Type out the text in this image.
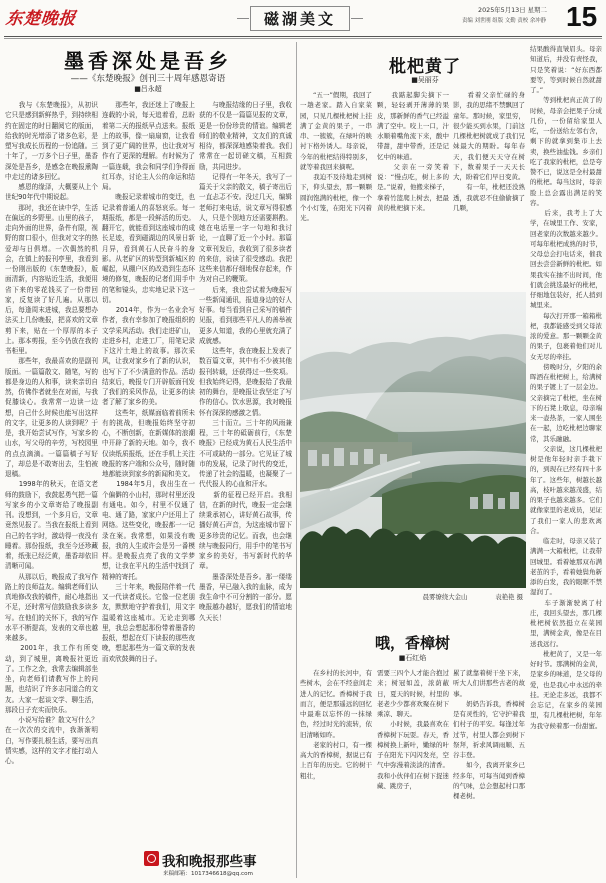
东楚晚报	磁湖美文	2025年5月13日 星期二
责编 刘世刚 组版 文勤 责校 余冲静 15
墨香深处是吾乡
——《东楚晚报》创刊三十周年感恩寄语
■吕永超
　　我与《东楚晚报》，从初识它只是感到新鲜热乎，到持续相约在固定的时日翻阅它的版面，给我的时光增添了诸多色彩，是塑写我成长历程的一份追随。三十年了，一万多个日子里，墨香深处是吾乡，是感念在晚报熏陶中走过的诸多回忆。
　　感恩的缘泽，大概要从上个世纪90年代中期说起。
　　那时，我还在读中学，生活在偏远的乡野里。山里的孩子，走向外面的世界，条件有限，视野的窗口很小，但我对文字的热爱却与日俱增。一次偶然的机会，在镇上的报刊亭里，我看到一份刚出版的《东楚晚报》，版面清新，内容贴近生活，我便用省下来的零花钱买了一份带回家，反复读了好几遍。从那以后，每逢周末进城，我总要想办法买上几份晚报，把喜欢的文章剪下来，贴在一个厚厚的本子上。那本剪报，至今仍放在我的书柜里。
　　那些年，我最喜欢的是副刊版面。一篇篇散文、随笔，写的都是身边的人和事，读来亲切自然，仿佛作者就坐在对面，与我促膝谈心。我常常一边读一边想，自己什么时候也能写出这样的文字，让更多的人读到呢？于是，我开始尝试写作，写家乡的山水，写父母的辛劳，写校园里的点点滴滴。一篇篇稿子写好了，却总是不敢寄出去，生怕被退稿。
　　1998年的秋天，在语文老师的鼓励下，我鼓起勇气把一篇写家乡的小文章寄给了晚报副刊。没想到，一个多月后，文章竟然见报了。当我在报纸上看到自己的名字时，激动得一夜没有睡着。那份报纸，我至今还珍藏着，纸张已经泛黄，墨香却依旧清晰可闻。
　　从那以后，晚报成了我写作路上的良师益友。编辑老师们认真地修改我的稿件，耐心地指出不足，还时常写信鼓励我多读多写。在他们的关怀下，我的写作水平不断提高，发表的文章也越来越多。
　　2001年，我工作有所变动，到了城里，离晚报社更近了。工作之余，我常去编辑部坐坐，向老师们请教写作上的问题，也结识了许多志同道合的文友。大家一起谈文学、聊生活，那段日子充实而快乐。
　　小说写给谁？散文写什么？在一次次的交流中，我渐渐明白，写作要扎根生活，要写出真情实感，这样的文字才能打动人心。
　　那些年，我还迷上了晚报上连载的小说，每天追着看，总盼着第二天的报纸早点送来。报纸上的故事，像一扇扇窗，让我看到了更广阔的世界，也让我对写作有了更深的理解。有时候为了一篇连载，我会和同学们争得面红耳赤，讨论主人公的命运和结局。
　　晚报记录着城市的变迁，也记录着普通人的喜怒哀乐。每一期报纸，都是一段鲜活的历史。翻开它，就能看到这座城市的成长足迹，看到磁湖边的风景日新月异，看到黄石人民奋斗的身影。从老矿区的转型到新城区的崛起，从棚户区的改造到生态环境的修复，晚报的记者们用手中的笔和镜头，忠实地记录下这一切。
　　2014年，作为一名业余写作者，我有幸参加了晚报组织的文学采风活动。我们走进矿山，走进乡村，走进工厂，用笔记录下这片土地上的故事。那次采风，让我对家乡有了新的认识，也写下了不少满意的作品。活动结束后，晚报专门开辟版面刊发了我们的采风作品，让更多的读者了解了家乡的美。
　　这些年，纸媒面临着前所未有的挑战，但晚报始终坚守初心，不断创新，在新媒体的浪潮中开辟了新的天地。如今，我不仅读纸质报纸，还在手机上关注晚报的客户端和公众号，随时随地都能读到家乡的新闻和美文。
　　1984年5月，我出生在一个偏僻的小山村，那时村里还没有通电。如今，村里不仅通了电、通了路，家家户户还用上了网络。这些变化，晚报都一一记录在案。我常想，如果没有晚报，我的人生或许会是另一番模样。是晚报点亮了我的文学梦想，让我在平凡的生活中找到了精神的寄托。
　　三十年来，晚报陪伴着一代又一代读者成长。它像一位老朋友，默默地守护着我们，用文字温暖着这座城市。无论走到哪里，我总会想起那份带着墨香的报纸，想起在灯下读报的那些夜晚，想起那些为一篇文章的发表而欢欣鼓舞的日子。
　　与晚报结缘的日子里，我收获的不仅是一篇篇见报的文章，更是一份份珍贵的情谊。编辑老师们的敬业精神，文友们的真诚相待，都深深地感染着我。我们常常在一起切磋文稿，互相鼓励，共同进步。
　　记得有一年冬天，我写了一篇关于父亲的散文，稿子寄出后一直忐忑不安。没过几天，编辑老师打来电话，说文章写得很感人，只是个别地方还需要斟酌。她在电话里一字一句地和我讨论，一直聊了近一个小时。那篇文章刊发后，我收到了很多读者的来信，说读了很受感动。我把这些来信都仔细地保存起来，作为对自己的鞭策。
　　后来，我也尝试着为晚报写一些新闻通讯，报道身边的好人好事。每当看到自己采写的稿件见报，看到那些平凡人的善举被更多人知道，我的心里就充满了成就感。
　　这些年，我在晚报上发表了数百篇文章，其中有不少被其他报刊转载，还获得过一些奖项。但我始终记得，是晚报给了我最初的舞台，是晚报让我坚定了写作的信心。饮水思源，我对晚报怀有深深的感激之情。
　　三十而立。三十年的风雨兼程，三十年的砥砺前行，《东楚晚报》已经成为黄石人民生活中不可或缺的一部分。它见证了城市的发展，记录了时代的变迁，传递了社会的温暖，也凝聚了一代代报人的心血和汗水。
　　新的征程已经开启。我相信，在新的时代，晚报一定会继续秉承初心，讲好黄石故事，传播好黄石声音，为这座城市留下更多珍贵的记忆。而我，也会继续与晚报同行，用手中的笔书写家乡的美好，书写新时代的华章。
　　墨香深处是吾乡。那一缕缕墨香，早已融入我的血脉，成为我生命中不可分割的一部分。愿晚报越办越好，愿我们的情谊地久天长！
我和晚报那些事
来稿邮箱：1017346618@qq.com
枇杷黄了
■吴丽芬
　　“五一”假期，我回了一趟老家。踏入自家菜园，只见几棵枇杷树上挂满了金黄的果子，一串串、一簇簇，在绿叶的映衬下格外诱人。母亲说，今年的枇杷结得特别多，就等着我回来摘呢。
　　我迫不及待地走到树下，仰头望去，那一颗颗圆润饱满的枇杷，像一个个小灯笼，在阳光下闪着光。
　　我踮起脚尖摘下一颗，轻轻剥开薄薄的果皮，那新鲜的香气已经溢满了空中。咬上一口，汁水顺着嘴角流下来，酸中带甜，甜中带香，还是记忆中的味道。
　　父亲在一旁笑着说：“慢点吃，树上多的是。”说着，他搬来梯子，拿着竹篮爬上树去，把最黄的枇杷摘下来。
　　看着父亲忙碌的身影，我的思绪不禁飘回了童年。那时候，家里穷，很少能买到水果，门前这几棵枇杷树就成了我们兄妹最大的期盼。每年春天，我们便天天守在树下，数着果子一天天长大，盼着它们早日变黄。
　　有一年，枇杷还没熟透，我就忍不住偷偷摘了几颗，
结果酸得直皱眉头。母亲知道后，并没有责怪我，只是笑着说：“好东西都要等，等到时候自然就甜了。”
　　等到枇杷真正黄了的时候，母亲会把果子分成几份，一份留给家里人吃，一份送给左邻右舍，剩下的就拿到集市上去卖，换些油盐钱。乡亲们吃了我家的枇杷，总是夸赞不已，说这是全村最甜的枇杷。每当这时，母亲脸上总会露出满足的笑容。
　　后来，我考上了大学，在城里工作、安家，回老家的次数越来越少。可每年枇杷成熟的时节，父母总会打电话来，催我回去尝尝新鲜的枇杷。如果我实在抽不出时间，他们就会挑选最好的枇杷，仔细地包装好，托人捎到城里来。
　　每次打开那一箱箱枇杷，我都能感受到父母浓浓的爱意。那一颗颗金黄的果子，包裹着他们对儿女无尽的牵挂。
　　傍晚时分，夕阳的余晖洒在枇杷树上，给满树的果子镀上了一层金边。父亲摘完了枇杷，坐在树下的石凳上歇息，母亲端来一壶热茶，一家人围坐在一起，边吃枇杷边聊家常，其乐融融。
　　父亲说，这几棵枇杷树是他年轻时亲手栽下的，到现在已经有四十多年了。这些年，树越长越高，枝叶越来越茂盛，结的果子也越来越多。它们就像家里的老成员，见证了我们一家人的悲欢离合。
　　临走时，母亲又装了满满一大箱枇杷，让我带回城里。看着她那双布满老茧的手，看着她鬓角新添的白发，我的眼眶不禁湿润了。
　　车子渐渐驶离了村庄，我回头望去，那几棵枇杷树依然挺立在菜园里，满树金黄，像是在目送我远行。
　　枇杷黄了，又是一年好时节。那满树的金黄，是家乡的味道，是父母的爱，也是我心中永远的牵挂。无论走多远，我都不会忘记，在家乡的菜园里，有几棵枇杷树，年年为我守候着那一份甜蜜。
晨雾缭绕大金山	袁艳艳 摄
哦，香樟树
■石红焰
　　在乡村的长河中，有些树木，会在不经意间走进人的记忆。香樟树于我而言，便是那遥远的回忆中最难以忘怀的一抹绿色，经过时光的流转，依旧清晰如昨。
　　老家的村口，有一棵高大的香樟树，据说已有上百年的历史。它的树干粗壮，
需要三四个人才能合抱过来；树冠如盖，浓荫蔽日，夏天的时候，村里的老老少少都喜欢聚在树下乘凉、聊天。
　　小时候，我最喜欢在香樟树下玩耍。春天，香樟树换上新叶，嫩绿的叶子在阳光下闪闪发亮，空气中弥漫着淡淡的清香。我和小伙伴们在树下捉迷藏、跳房子，
累了就靠着树干坐下来，听大人们讲那些古老的故事。
　　奶奶告诉我，香樟树是有灵性的，它守护着我们村子的平安。每逢过年过节，村里人都会到树下祭拜，祈求风调雨顺、五谷丰登。
　　如今，我离开家乡已经多年，可每当闻到香樟的气味，总会想起村口那棵老树。
